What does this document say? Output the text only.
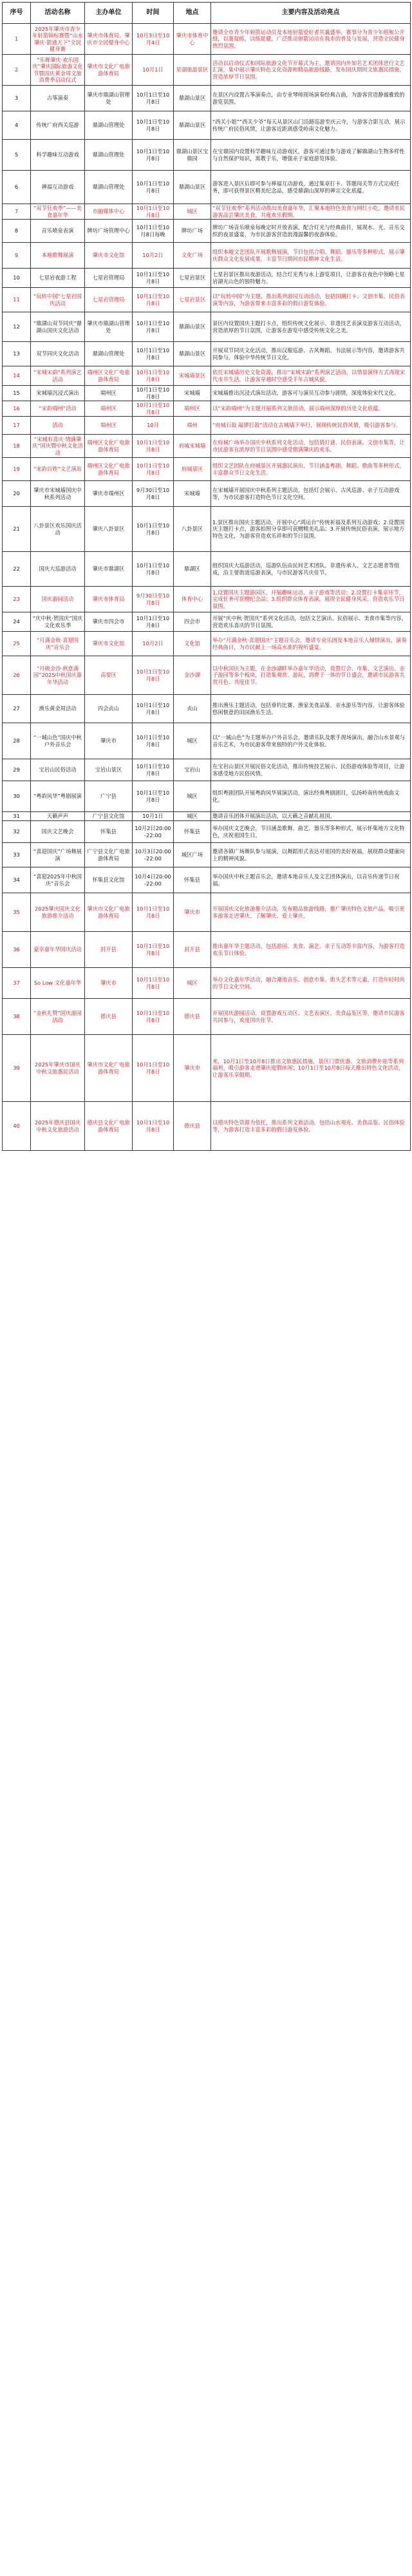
序号	活动名称	主办单位	时间	地点	主要内容及活动亮点
1	2025年肇庆市青少年射箭锦标赛暨“山水肇庆·箭通天下”全民健身赛	肇庆市体育局、肇庆市全民健身中心	10月3日至10月4日	肇庆市体育中心	邀请全市青少年射箭运动员及本地射箭爱好者共襄盛举。赛事分为青少年组和公开组，以赛促练，以练促健，广泛推动射箭运动在我市的普及与发展，营造全民健身热烈氛围。
2	“乐舞肇庆·欢乐国庆”肇庆国际旅游文化节暨国庆黄金周文旅消费季启动仪式	肇庆市文化广电旅游体育局	10月1日	星湖旅游景区	活动以启动仪式和国际旅游文化节开幕式为主，邀请国内外知名艺术团体进行文艺汇演，集中展示肇庆特色文化资源和精品旅游线路，发布国庆期间文旅惠民措施，营造浓厚节日氛围。
3	古筝演奏	肇庆市鼎湖山管理处	10月1日至10月8日	鼎湖山景区	在景区内设置古筝演奏点，由专业琴师现场演奏经典古曲，为游客营造静谧雅致的游览氛围。
4	传统广府西关巡游	鼎湖山管理处	10月1日至10月8日	鼎湖山景区	“西关小姐”“西关少爷”每天从景区山门沿路巡游至庆云寺，与游客合影互动，展示传统广府民俗风情，让游客近距离感受岭南文化魅力。
5	科学趣味互动游戏	鼎湖山管理处	10月1日至10月8日	鼎湖山景区宝鼎园	在宝鼎园内设置科学趣味互动游戏区，游客可通过参与游戏了解鼎湖山生物多样性与自然保护知识，寓教于乐，增强亲子家庭游览体验。
6	禅福互动游戏	鼎湖山管理处	10月1日至10月8日	鼎湖山景区	游客进入景区后即可参与禅福互动游戏，通过集章打卡、答题闯关等方式完成任务，即可获得景区精美纪念品，感受鼎湖山深厚的禅宗文化底蕴。
7	“双节狂欢季”——美食嘉年华	市融媒体中心	10月1日至10月8日	城区	“双节狂欢季”系列活动推出美食嘉年华，汇聚本地特色美食与网红小吃，邀请市民游客品尝肇庆美食，共度欢乐假期。
8	音乐喷泉表演	牌坊广场管理中心	10月1日至10月8日每晚	牌坊广场	牌坊广场音乐喷泉每晚定时开放表演，配合灯光与经典曲目，展现水、光、音乐交织的夜景盛宴，为市民游客营造浪漫温馨的夜游体验。
9	本地歌舞展演	肇庆市文化馆	10月2日	文化广场	组织本地文艺团队开展歌舞展演，节目包括合唱、舞蹈、器乐等多种形式，展示肇庆群众文化发展成果，丰富节日期间市民精神文化生活。
10	七星岩夜游工程	七星岩管理局	10月1日至10月8日	七星岩景区	七星岩景区推出夜游活动，结合灯光秀与水上游览项目，让游客在夜色中领略七星岩湖光山色的独特魅力。
11	“玩转中国”七星岩国庆活动	七星岩管理局	10月1日至10月8日	七星岩景区	以“玩转中国”为主题，推出系列游园互动活动，包括国潮打卡、文创市集、民俗表演等内容，为游客带来丰富多彩的假日游览体验。
12	“鼎湖山双节同庆”鼎湖山国庆文化活动	肇庆市鼎湖山管理处	10月1日至10月8日	鼎湖山景区	景区内设置国庆主题打卡点，组织传统文化展示、非遗技艺表演及游客互动活动，营造浓厚的节日氛围，让游客在游览中感受传统文化之美。
13	双节同庆文化活动	鼎湖山管理处	10月1日至10月8日	鼎湖山景区	开展双节同庆文化活动，推出汉服巡游、古风舞蹈、书法展示等内容，邀请游客共同参与，体验中华传统节日文化。
14	“宋城宋韵”系列演艺活动	端州区文化广电旅游体育局	10月1日至10月8日	宋城墙景区	依托宋城墙历史文化资源，推出“宋城宋韵”系列演艺活动，以情景演绎方式再现宋代市井生活，让游客穿越时空感受千年古城风貌。
15	宋城墙沉浸式演出	端州区	10月1日至10月8日	宋城墙	宋城墙推出沉浸式演出活动，游客可与演员互动参与剧情，深度体验宋代文化。
16	“宋韵端州”活动	端州区	10月1日至10月8日	端州区	以“宋韵端州”为主题开展系列文旅活动，展示端州深厚的历史文化底蕴。
17	活动	端州区	10月	端州	“府城石鼓 敲锣打鼓”活动在古城墙下举行，展现传统民俗风情，吸引游客参与。
18	“宋城有喜庆·情满肇庆”国庆暨中秋文化活动	端州区文化广电旅游体育局	10月1日至10月8日	府城宋城墙	在府城广场举办国庆中秋系列文化活动，包括猜灯谜、民俗表演、文创市集等，让市民游客在浓厚的节日氛围中感受情满肇庆的欢乐。
19	“宋韵百姓”文艺演出	端州区文化广电旅游体育局	10月1日至10月8日	府城景区	组织文艺团队在府城景区开展惠民演出，节目涵盖粤剧、舞蹈、歌曲等多种形式，丰富群众节日文化生活。
20	肇庆市宋城墙国庆中秋系列活动	肇庆市端州区	9月30日至10月8日	宋城墙	在宋城墙开展国庆中秋系列主题活动，包括灯会展示、古风巡游、亲子互动游戏等，为市民游客打造特色节日文化空间。
21	八卦景区欢乐国庆活动	肇庆八卦景区	10月1日至10月8日	八卦景区	1.景区推出国庆主题活动，开展中心“鸿运台”传统祈福及系列互动游戏；2.设置国庆主题打卡点，游客拍照分享即可获赠精美礼品；3.开展传统民俗表演，展示地方特色文化，为游客营造欢乐祥和的节日氛围。
22	国庆大巡游活动	肇庆市鼎湖区	10月1日至10月8日	鼎湖区	组织国庆大巡游活动，巡游队伍由民间艺术团队、非遗传承人、文艺志愿者等组成，沿主要街道巡游表演，与市民游客共庆佳节。
23	国庆游园活动	肇庆市体育局	9月30日至10月8日	体育中心	1.设置国庆主题游园区，开展趣味运动、亲子游戏等活动；2.设置打卡集章环节，完成任务可获赠纪念品；3.组织群众体育表演，展现全民健身风采，营造欢乐节日氛围。
24	“庆中秋·贺国庆”国庆文化欢乐季	肇庆市四会市	10月1日至10月8日	四会市	开展“庆中秋·贺国庆”系列文化活动，包括文艺演出、民俗展示、美食市集等内容，营造欢乐喜庆的节日氛围。
25	“月满金秋·喜迎国庆”音乐会	肇庆市文化馆	10月2日	文化馆	举办“月满金秋·喜迎国庆”主题音乐会，邀请专业乐团及本地音乐人倾情演出，演奏经典曲目，为市民献上一场高水准的视听盛宴。
26	“月映金沙·秋意满园”2025中秋国庆嘉年华活动	高要区	10月1日至10月8日	金沙湖	以中秋国庆为主题，在金沙湖畔举办嘉年华活动，设置灯会、市集、文艺演出、亲子游园等多个板块，打造集观赏、游玩、消费于一体的节日盛会，邀请市民游客共赏月色、共度佳节。
27	渔乐黄金周活动	四会贞山	10月1日至10月8日	贞山	推出渔乐主题活动，包括垂钓比赛、渔家美食品鉴、亲水游乐等内容，让游客体验悠闲惬意的田园渔乐生活。
28	“一城山色”国庆中秋户外音乐会	肇庆市	10月1日至10月8日	城区	以“一城山色”为主题举办户外音乐会，邀请乐队及歌手现场演出，融合山水景观与音乐艺术，为市民游客带来独特的户外文化体验。
29	宝岩山民俗活动	宝岩山景区	10月1日至10月8日	宝岩山	在宝岩山景区开展民俗文化活动，推出传统技艺展示、民俗游戏体验等项目，让游客感受地方民俗风情。
30	“粤韵风华”粤剧展演	广宁县	10月1日至10月8日	城区	组织粤剧团队开展粤韵风华展演活动，演出经典粤剧剧目，弘扬岭南传统戏曲文化。
31	天籁声声	广宁县文化馆	10月1日	城区	邀请音乐团体开展演出活动，以天籁之音献礼祖国。
32	国庆文艺晚会	怀集县	10月2日20:00-22:00	怀集县	举办国庆文艺晚会，节目涵盖歌舞、曲艺、器乐等多种形式，展示怀集地方文化特色，庆祝祖国生日。
33	“喜迎国庆”广场舞展演	广宁县文化广电旅游体育局	10月3日20:00-22:00	城区广场	邀请各镇广场舞队参与展演，以舞蹈形式表达对祖国的美好祝福，展现群众健康向上的精神风貌。
34	“喜迎2025年中秋国庆”音乐会	怀集县文化馆	10月4日20:00-22:00	怀集县	举办国庆中秋主题音乐会，邀请本地音乐人及文艺团体演出，以音乐传递节日祝福。
35	2025肇庆国庆文化旅游推介活动	肇庆市文化广电旅游体育局	10月1日至10月8日	肇庆市	开展国庆文化旅游推介活动，发布精品旅游线路，推广肇庆特色文旅产品，吸引更多游客走进肇庆、了解肇庆、爱上肇庆。
36	豪享嘉年华国庆活动	封开县	10月1日至10月8日	封开县	推出嘉年华主题活动，包括游园、美食、演艺、亲子互动等丰富内容，为游客打造欢乐节日体验。
37	So Low 文化嘉年华	肇庆市	10月1日至10月8日	城区	举办文化嘉年华活动，融合潮流音乐、创意市集、街头艺术等元素，打造年轻时尚的节日文化空间。
38	“金秋礼赞”国庆游园活动	德庆县	10月1日至10月8日	德庆县	开展国庆游园活动，设置游戏互动区、文艺表演区、美食品鉴区等，邀请市民游客共同参与，欢度国庆佳节。
39	2025年肇庆市国庆中秋文旅惠民活动	肇庆市文化广电旅游体育局	10月1日至10月8日	肇庆市	来，10月1日至10月8日推出文旅惠民措施，景区门票优惠、文旅消费补贴等系列福利，吸引游客走进肇庆度假休闲；10月1日至10月8日每天推出特色文化活动，让游客乐享假期。
40	2025年德庆县国庆中秋文化旅游活动	德庆县文化广电旅游体育局	10月1日至10月8日	德庆县	以德庆特色资源为依托，推出系列文旅活动，包括山水观光、美食品鉴、民俗体验等，为游客打造丰富多彩的假日游览体验。
